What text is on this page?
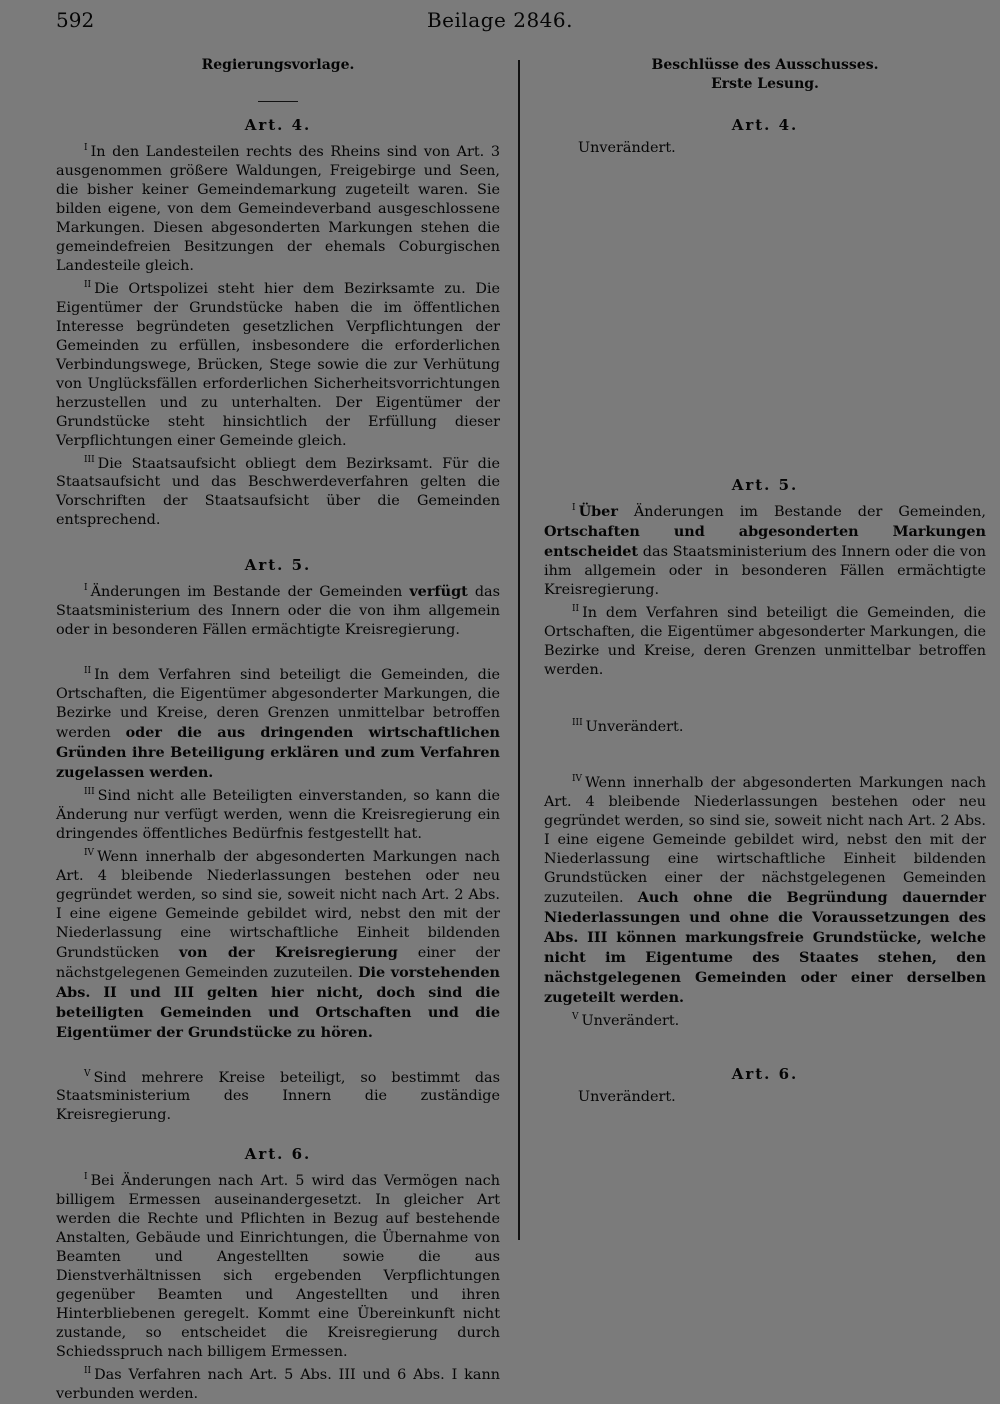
592	Beilage 2846.
Regierungsvorlage.
Art. 4.

$^I$ In den Landesteilen rechts des Rheins sind von Art. 3 ausgenommen größere Waldungen, Freigebirge und Seen, die bisher keiner Gemeindemarkung zugeteilt waren. Sie bilden eigene, von dem Gemeindeverband ausgeschlossene Markungen. Diesen abgesonderten Markungen stehen die gemeindefreien Besitzungen der ehemals Coburgischen Landesteile gleich.

$^{II}$ Die Ortspolizei steht hier dem Bezirksamte zu. Die Eigentümer der Grundstücke haben die im öffentlichen Interesse begründeten gesetzlichen Verpflichtungen der Gemeinden zu erfüllen, insbesondere die erforderlichen Verbindungswege, Brücken, Stege sowie die zur Verhütung von Unglücksfällen erforderlichen Sicherheitsvorrichtungen herzustellen und zu unterhalten. Der Eigentümer der Grundstücke steht hinsichtlich der Erfüllung dieser Verpflichtungen einer Gemeinde gleich.

$^{III}$ Die Staatsaufsicht obliegt dem Bezirksamt. Für die Staatsaufsicht und das Beschwerdeverfahren gelten die Vorschriften der Staatsaufsicht über die Gemeinden entsprechend.

Art. 5.

$^I$ Änderungen im Bestande der Gemeinden verfügt das Staatsministerium des Innern oder die von ihm allgemein oder in besonderen Fällen ermächtigte Kreisregierung.

$^{II}$ In dem Verfahren sind beteiligt die Gemeinden, die Ortschaften, die Eigentümer abgesonderter Markungen, die Bezirke und Kreise, deren Grenzen unmittelbar betroffen werden oder die aus dringenden wirtschaftlichen Gründen ihre Beteiligung erklären und zum Verfahren zugelassen werden.

$^{III}$ Sind nicht alle Beteiligten einverstanden, so kann die Änderung nur verfügt werden, wenn die Kreisregierung ein dringendes öffentliches Bedürfnis festgestellt hat.

$^{IV}$ Wenn innerhalb der abgesonderten Markungen nach Art. 4 bleibende Niederlassungen bestehen oder neu gegründet werden, so sind sie, soweit nicht nach Art. 2 Abs. I eine eigene Gemeinde gebildet wird, nebst den mit der Niederlassung eine wirtschaftliche Einheit bildenden Grundstücken von der Kreisregierung einer der nächstgelegenen Gemeinden zuzuteilen. Die vorstehenden Abs. II und III gelten hier nicht, doch sind die beteiligten Gemeinden und Ortschaften und die Eigentümer der Grundstücke zu hören.

$^V$ Sind mehrere Kreise beteiligt, so bestimmt das Staatsministerium des Innern die zuständige Kreisregierung.

Art. 6.

$^I$ Bei Änderungen nach Art. 5 wird das Vermögen nach billigem Ermessen auseinandergesetzt. In gleicher Art werden die Rechte und Pflichten in Bezug auf bestehende Anstalten, Gebäude und Einrichtungen, die Übernahme von Beamten und Angestellten sowie die aus Dienstverhältnissen sich ergebenden Verpflichtungen gegenüber Beamten und Angestellten und ihren Hinterbliebenen geregelt. Kommt eine Übereinkunft nicht zustande, so entscheidet die Kreisregierung durch Schiedsspruch nach billigem Ermessen.

$^{II}$ Das Verfahren nach Art. 5 Abs. III und 6 Abs. I kann verbunden werden.

Beschlüsse des Ausschusses.
Erste Lesung.
Art. 4.

Unverändert.

Art. 5.

$^I$ Über Änderungen im Bestande der Gemeinden, Ortschaften und abgesonderten Markungen entscheidet das Staatsministerium des Innern oder die von ihm allgemein oder in besonderen Fällen ermächtigte Kreisregierung.

$^{II}$ In dem Verfahren sind beteiligt die Gemeinden, die Ortschaften, die Eigentümer abgesonderter Markungen, die Bezirke und Kreise, deren Grenzen unmittelbar betroffen werden.

$^{III}$ Unverändert.

$^{IV}$ Wenn innerhalb der abgesonderten Markungen nach Art. 4 bleibende Niederlassungen bestehen oder neu gegründet werden, so sind sie, soweit nicht nach Art. 2 Abs. I eine eigene Gemeinde gebildet wird, nebst den mit der Niederlassung eine wirtschaftliche Einheit bildenden Grundstücken einer der nächstgelegenen Gemeinden zuzuteilen. Auch ohne die Begründung dauernder Niederlassungen und ohne die Voraussetzungen des Abs. III können markungsfreie Grundstücke, welche nicht im Eigentume des Staates stehen, den nächstgelegenen Gemeinden oder einer derselben zugeteilt werden.

$^V$ Unverändert.

Art. 6.

Unverändert.
